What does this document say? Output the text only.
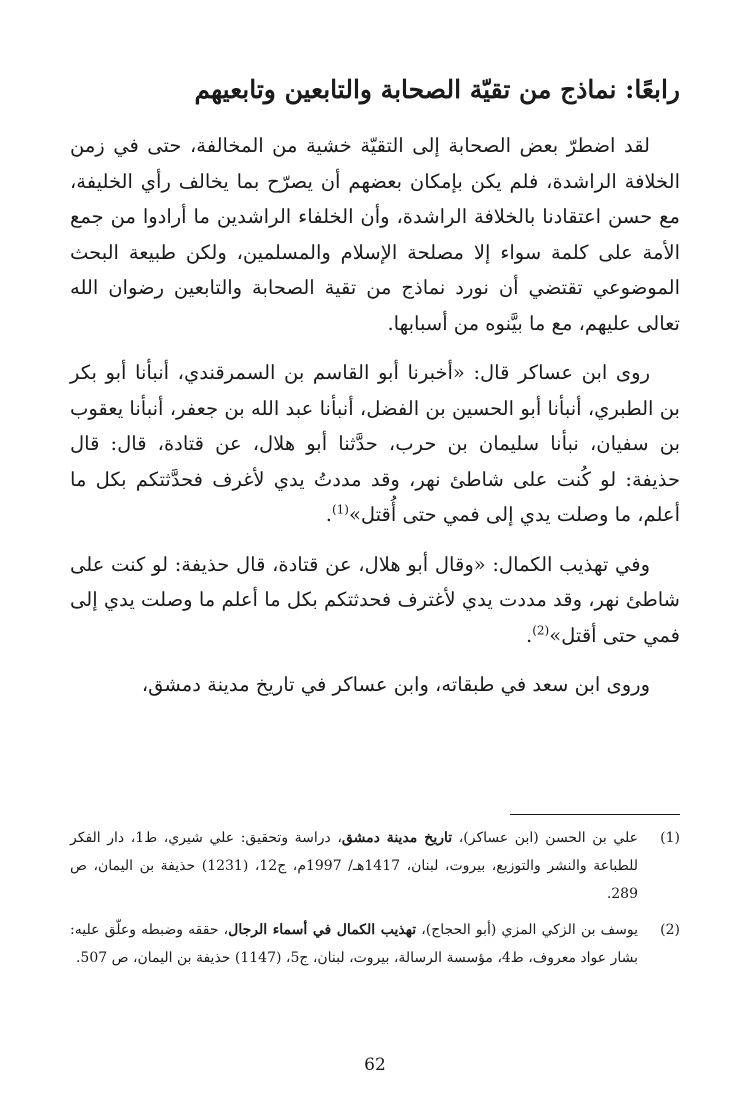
رابعًا: نماذج من تقيّة الصحابة والتابعين وتابعيهم

لقد اضطرّ بعض الصحابة إلى التقيّة خشية من المخالفة، حتى في زمن الخلافة الراشدة، فلم يكن بإمكان بعضهم أن يصرّح بما يخالف رأي الخليفة، مع حسن اعتقادنا بالخلافة الراشدة، وأن الخلفاء الراشدين ما أرادوا من جمع الأمة على كلمة سواء إلا مصلحة الإسلام والمسلمين، ولكن طبيعة البحث الموضوعي تقتضي أن نورد نماذج من تقية الصحابة والتابعين رضوان الله تعالى عليهم، مع ما بيَّنوه من أسبابها.

روى ابن عساكر قال: «أخبرنا أبو القاسم بن السمرقندي، أنبأنا أبو بكر بن الطبري، أنبأنا أبو الحسين بن الفضل، أنبأنا عبد الله بن جعفر، أنبأنا يعقوب بن سفيان، نبأنا سليمان بن حرب، حدَّثنا أبو هلال، عن قتادة، قال: قال حذيفة: لو كُنت على شاطئ نهر، وقد مددتُ يدي لأغرف فحدَّثتكم بكل ما أعلم، ما وصلت يدي إلى فمي حتى أُقتل»$^{(1)}$.

وفي تهذيب الكمال: «وقال أبو هلال، عن قتادة، قال حذيفة: لو كنت على شاطئ نهر، وقد مددت يدي لأغترف فحدثتكم بكل ما أعلم ما وصلت يدي إلى فمي حتى أقتل»$^{(2)}$.

وروى ابن سعد في طبقاته، وابن عساكر في تاريخ مدينة دمشق،

(1)
علي بن الحسن (ابن عساكر)، تاريخ مدينة دمشق، دراسة وتحقيق: علي شيري، ط1، دار الفكر للطباعة والنشر والتوزيع، بيروت، لبنان، 1417هـ/ 1997م، ج12، (1231) حذيفة بن اليمان، ص 289.
(2)
يوسف بن الزكي المزي (أبو الحجاج)، تهذيب الكمال في أسماء الرجال، حققه وضبطه وعلّق عليه: بشار عواد معروف، ط4، مؤسسة الرسالة، بيروت، لبنان، ج5، (1147) حذيفة بن اليمان، ص 507.
62
